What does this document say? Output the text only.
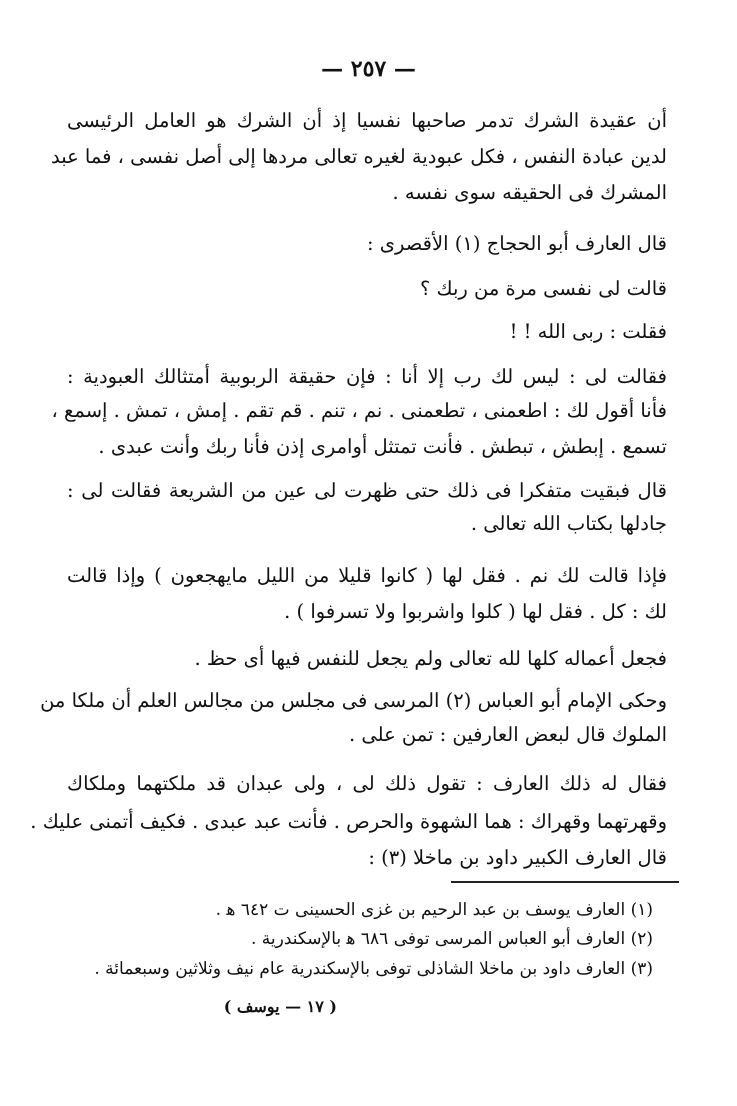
— ٢٥٧ —
أن عقيدة الشرك تدمر صاحبها نفسيا إذ أن الشرك هو العامل الرئيسى
لدين عبادة النفس ، فكل عبودية لغيره تعالى مردها إلى أصل نفسى ، فما عبد
المشرك فى الحقيقه سوى نفسه .
قال العارف أبو الحجاج (١) الأقصرى :
قالت لى نفسى مرة من ربك ؟
فقلت : ربى الله ! !
فقالت لى : ليس لك رب إلا أنا : فإن حقيقة الربوبية أمتثالك العبودية :
فأنا أقول لك : اطعمنى ، تطعمنى . نم ، تنم . قم تقم . إمش ، تمش . إسمع ،
تسمع . إبطش ، تبطش . فأنت تمتثل أوامرى إذن فأنا ربك وأنت عبدى .
قال فبقيت متفكرا فى ذلك حتى ظهرت لى عين من الشريعة فقالت لى :
جادلها بكتاب الله تعالى .
فإذا قالت لك نم . فقل لها ( كانوا قليلا من الليل مايهجعون ) وإذا قالت
لك : كل . فقل لها ( كلوا واشربوا ولا تسرفوا ) .
فجعل أعماله كلها لله تعالى ولم يجعل للنفس فيها أى حظ .
وحكى الإمام أبو العباس (٢) المرسى فى مجلس من مجالس العلم أن ملكا من
الملوك قال لبعض العارفين : تمن على .
فقال له ذلك العارف : تقول ذلك لى ، ولى عبدان قد ملكتهما وملكاك
وقهرتهما وقهراك : هما الشهوة والحرص . فأنت عبد عبدى . فكيف أتمنى عليك .
قال العارف الكبير داود بن ماخلا (٣) :
(١) العارف يوسف بن عبد الرحيم بن غزى الحسينى ت ٦٤٢ ﻫ .
(٢) العارف أبو العباس المرسى توفى ٦٨٦ ﻫ بالإسكندرية .
(٣) العارف داود بن ماخلا الشاذلى توفى بالإسكندرية عام نيف وثلاثين وسبعمائة .
( ١٧ — يوسف )
